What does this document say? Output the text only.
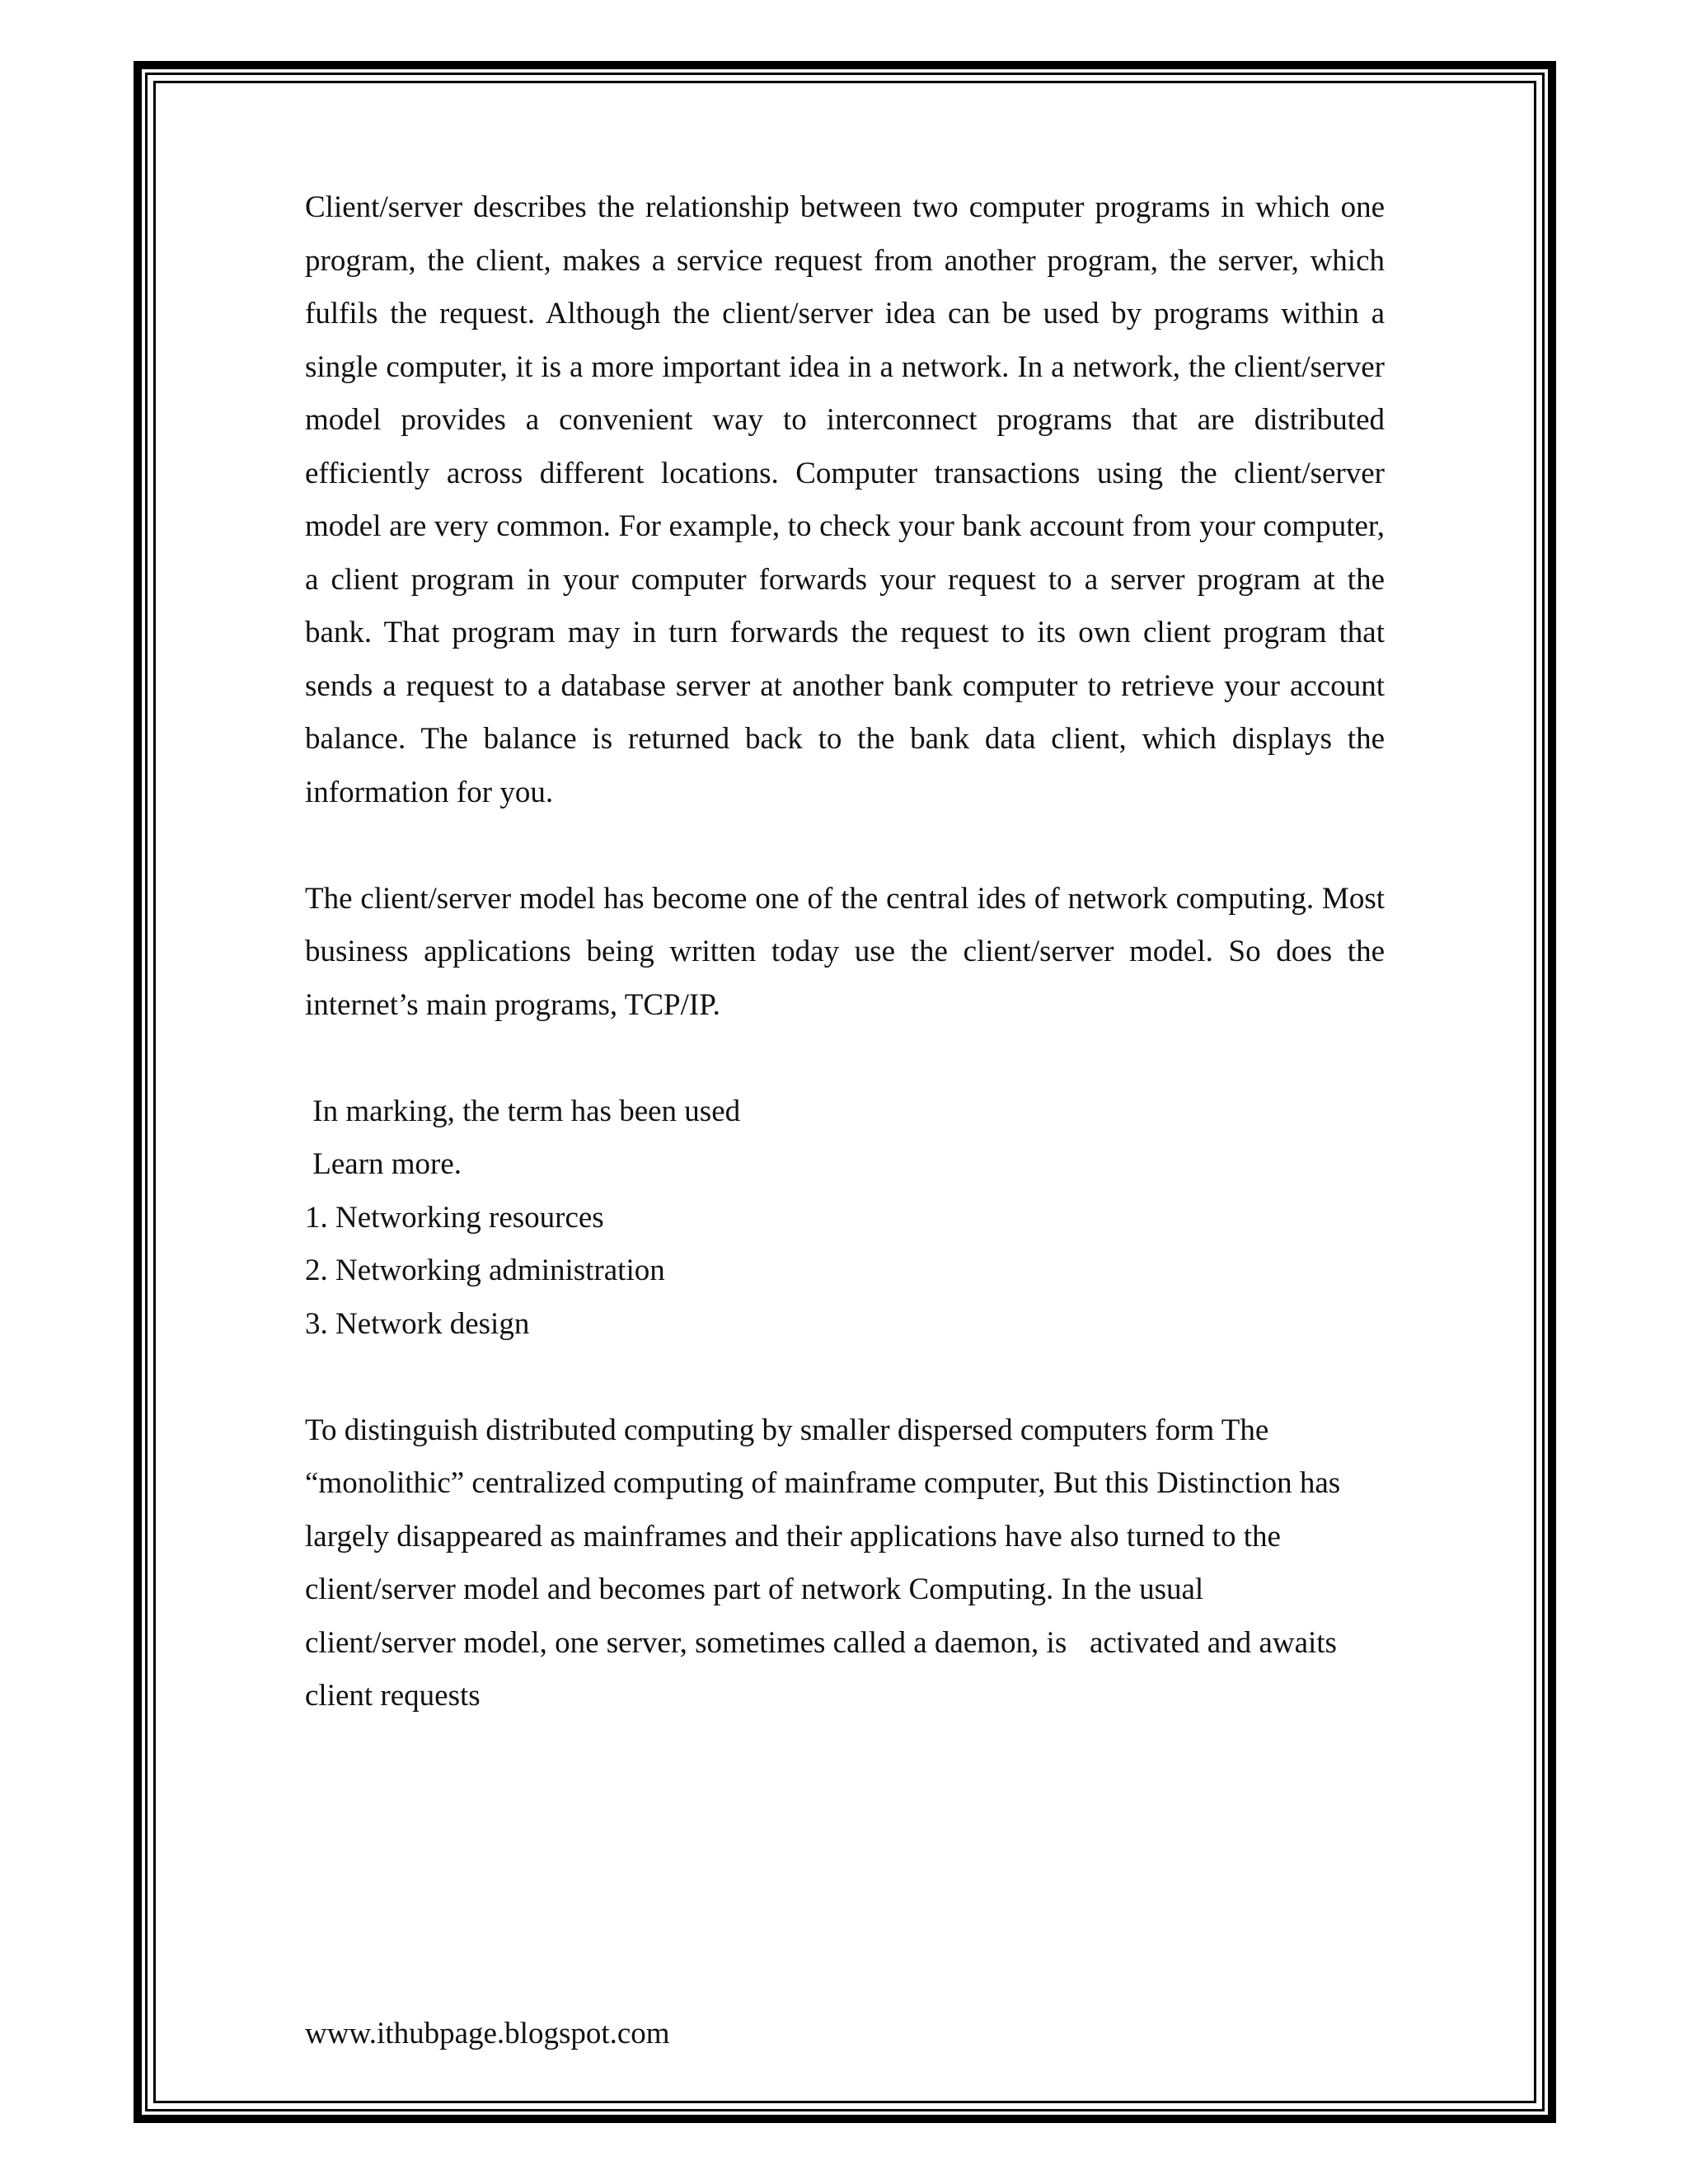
Client/server describes the relationship between two computer programs in which one program, the client, makes a service request from another program, the server, which fulfils the request. Although the client/server idea can be used by programs within a single computer, it is a more important idea in a network. In a network, the client/server model provides a convenient way to interconnect programs that are distributed efficiently across different locations. Computer transactions using the client/server model are very common. For example, to check your bank account from your computer, a client program in your computer forwards your request to a server program at the bank. That program may in turn forwards the request to its own client program that sends a request to a database server at another bank computer to retrieve your account balance. The balance is returned back to the bank data client, which displays the information for you.

The client/server model has become one of the central ides of network computing. Most business applications being written today use the client/server model. So does the internet’s main programs, TCP/IP.

In marking, the term has been used

Learn more.

1. Networking resources

2. Networking administration

3. Network design

To distinguish distributed computing by smaller dispersed computers form The

“monolithic” centralized computing of mainframe computer, But this Distinction has

largely disappeared as mainframes and their applications have also turned to the

client/server model and becomes part of network Computing. In the usual

client/server model, one server, sometimes called a daemon, is   activated and awaits

client requests

www.ithubpage.blogspot.com
